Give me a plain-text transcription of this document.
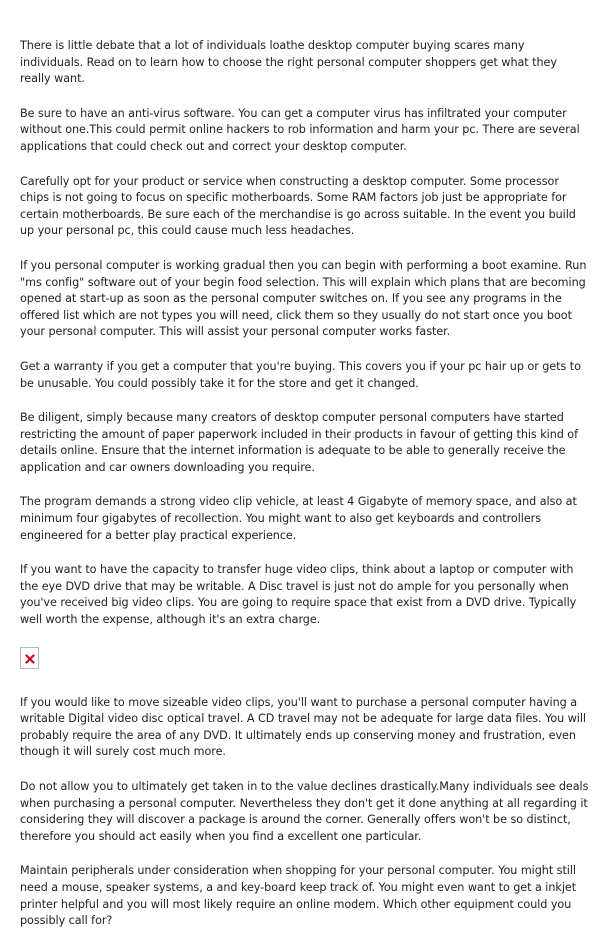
There is little debate that a lot of individuals loathe desktop computer buying scares many individuals. Read on to learn how to choose the right personal computer shoppers get what they really want.

Be sure to have an anti-virus software. You can get a computer virus has infiltrated your computer without one.This could permit online hackers to rob information and harm your pc. There are several applications that could check out and correct your desktop computer.

Carefully opt for your product or service when constructing a desktop computer. Some processor chips is not going to focus on specific motherboards. Some RAM factors job just be appropriate for certain motherboards. Be sure each of the merchandise is go across suitable. In the event you build up your personal pc, this could cause much less headaches.

If you personal computer is working gradual then you can begin with performing a boot examine. Run "ms config" software out of your begin food selection. This will explain which plans that are becoming opened at start-up as soon as the personal computer switches on. If you see any programs in the offered list which are not types you will need, click them so they usually do not start once you boot your personal computer. This will assist your personal computer works faster.

Get a warranty if you get a computer that you're buying. This covers you if your pc hair up or gets to be unusable. You could possibly take it for the store and get it changed.

Be diligent, simply because many creators of desktop computer personal computers have started restricting the amount of paper paperwork included in their products in favour of getting this kind of details online. Ensure that the internet information is adequate to be able to generally receive the application and car owners downloading you require.

The program demands a strong video clip vehicle, at least 4 Gigabyte of memory space, and also at minimum four gigabytes of recollection. You might want to also get keyboards and controllers engineered for a better play practical experience.

If you want to have the capacity to transfer huge video clips, think about a laptop or computer with the eye DVD drive that may be writable. A Disc travel is just not do ample for you personally when you've received big video clips. You are going to require space that exist from a DVD drive. Typically well worth the expense, although it's an extra charge.

If you would like to move sizeable video clips, you'll want to purchase a personal computer having a writable Digital video disc optical travel. A CD travel may not be adequate for large data files. You will probably require the area of any DVD. It ultimately ends up conserving money and frustration, even though it will surely cost much more.

Do not allow you to ultimately get taken in to the value declines drastically.Many individuals see deals when purchasing a personal computer. Nevertheless they don't get it done anything at all regarding it considering they will discover a package is around the corner. Generally offers won't be so distinct, therefore you should act easily when you find a excellent one particular.

Maintain peripherals under consideration when shopping for your personal computer. You might still need a mouse, speaker systems, a and key-board keep track of. You might even want to get a inkjet printer helpful and you will most likely require an online modem. Which other equipment could you possibly call for?
